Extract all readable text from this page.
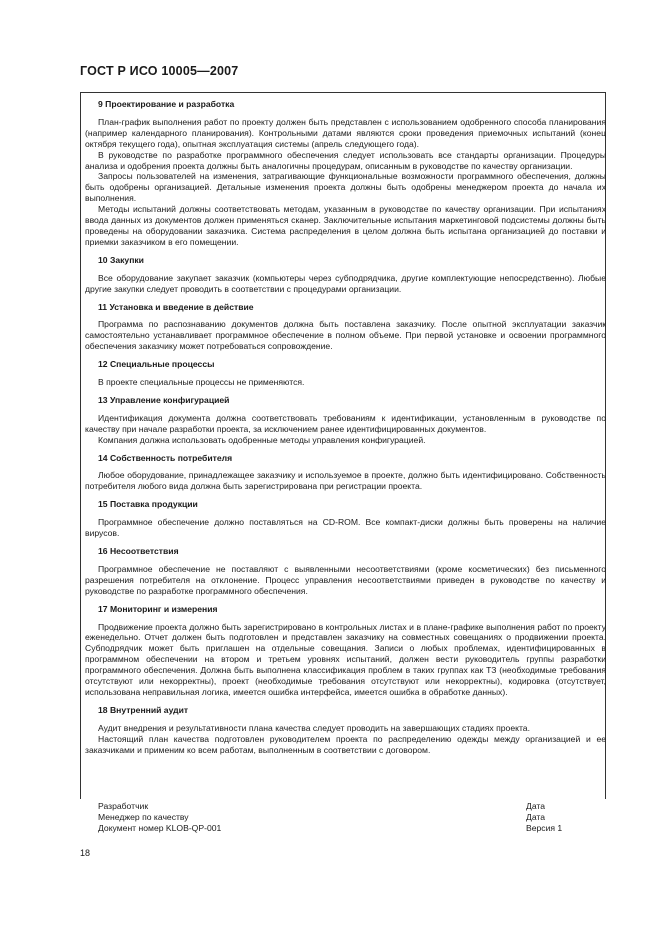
ГОСТ Р ИСО 10005—2007
9 Проектирование и разработка

План-график выполнения работ по проекту должен быть представлен с использованием одобренного способа планирования (например календарного планирования). Контрольными датами являются сроки проведения приемочных испытаний (конец октября текущего года), опытная эксплуатация системы (апрель следующего года).

В руководстве по разработке программного обеспечения следует использовать все стандарты организации. Процедуры анализа и одобрения проекта должны быть аналогичны процедурам, описанным в руководстве по качеству организации.

Запросы пользователей на изменения, затрагивающие функциональные возможности программного обеспечения, должны быть одобрены организацией. Детальные изменения проекта должны быть одобрены менеджером проекта до начала их выполнения.

Методы испытаний должны соответствовать методам, указанным в руководстве по качеству организации. При испытаниях ввода данных из документов должен применяться сканер. Заключительные испытания маркетинговой подсистемы должны быть проведены на оборудовании заказчика. Система распределения в целом должна быть испытана организацией до поставки и приемки заказчиком в его помещении.

10 Закупки

Все оборудование закупает заказчик (компьютеры через субподрядчика, другие комплектующие непосредственно). Любые другие закупки следует проводить в соответствии с процедурами организации.

11 Установка и введение в действие

Программа по распознаванию документов должна быть поставлена заказчику. После опытной эксплуатации заказчик самостоятельно устанавливает программное обеспечение в полном объеме. При первой установке и освоении программного обеспечения заказчику может потребоваться сопровождение.

12 Специальные процессы

В проекте специальные процессы не применяются.

13 Управление конфигурацией

Идентификация документа должна соответствовать требованиям к идентификации, установленным в руководстве по качеству при начале разработки проекта, за исключением ранее идентифицированных документов.

Компания должна использовать одобренные методы управления конфигурацией.

14 Собственность потребителя

Любое оборудование, принадлежащее заказчику и используемое в проекте, должно быть идентифицировано. Собственность потребителя любого вида должна быть зарегистрирована при регистрации проекта.

15 Поставка продукции

Программное обеспечение должно поставляться на CD-ROM. Все компакт-диски должны быть проверены на наличие вирусов.

16 Несоответствия

Программное обеспечение не поставляют с выявленными несоответствиями (кроме косметических) без письменного разрешения потребителя на отклонение. Процесс управления несоответствиями приведен в руководстве по качеству и руководстве по разработке программного обеспечения.

17 Мониторинг и измерения

Продвижение проекта должно быть зарегистрировано в контрольных листах и в плане-графике выполнения работ по проекту еженедельно. Отчет должен быть подготовлен и представлен заказчику на совместных совещаниях о продвижении проекта. Субподрядчик может быть приглашен на отдельные совещания. Записи о любых проблемах, идентифицированных в программном обеспечении на втором и третьем уровнях испытаний, должен вести руководитель группы разработки программного обеспечения. Должна быть выполнена классификация проблем в таких группах как ТЗ (необходимые требования отсутствуют или некорректны), проект (необходимые требования отсутствуют или некорректны), кодировка (отсутствует, использована неправильная логика, имеется ошибка интерфейса, имеется ошибка в обработке данных).

18 Внутренний аудит

Аудит внедрения и результативности плана качества следует проводить на завершающих стадиях проекта.

Настоящий план качества подготовлен руководителем проекта по распределению одежды между организацией и ее заказчиками и применим ко всем работам, выполненным в соответствии с договором.

Разработчик	Дата
Менеджер по качеству	Дата
Документ номер KLOB-QP-001	Версия 1
18
